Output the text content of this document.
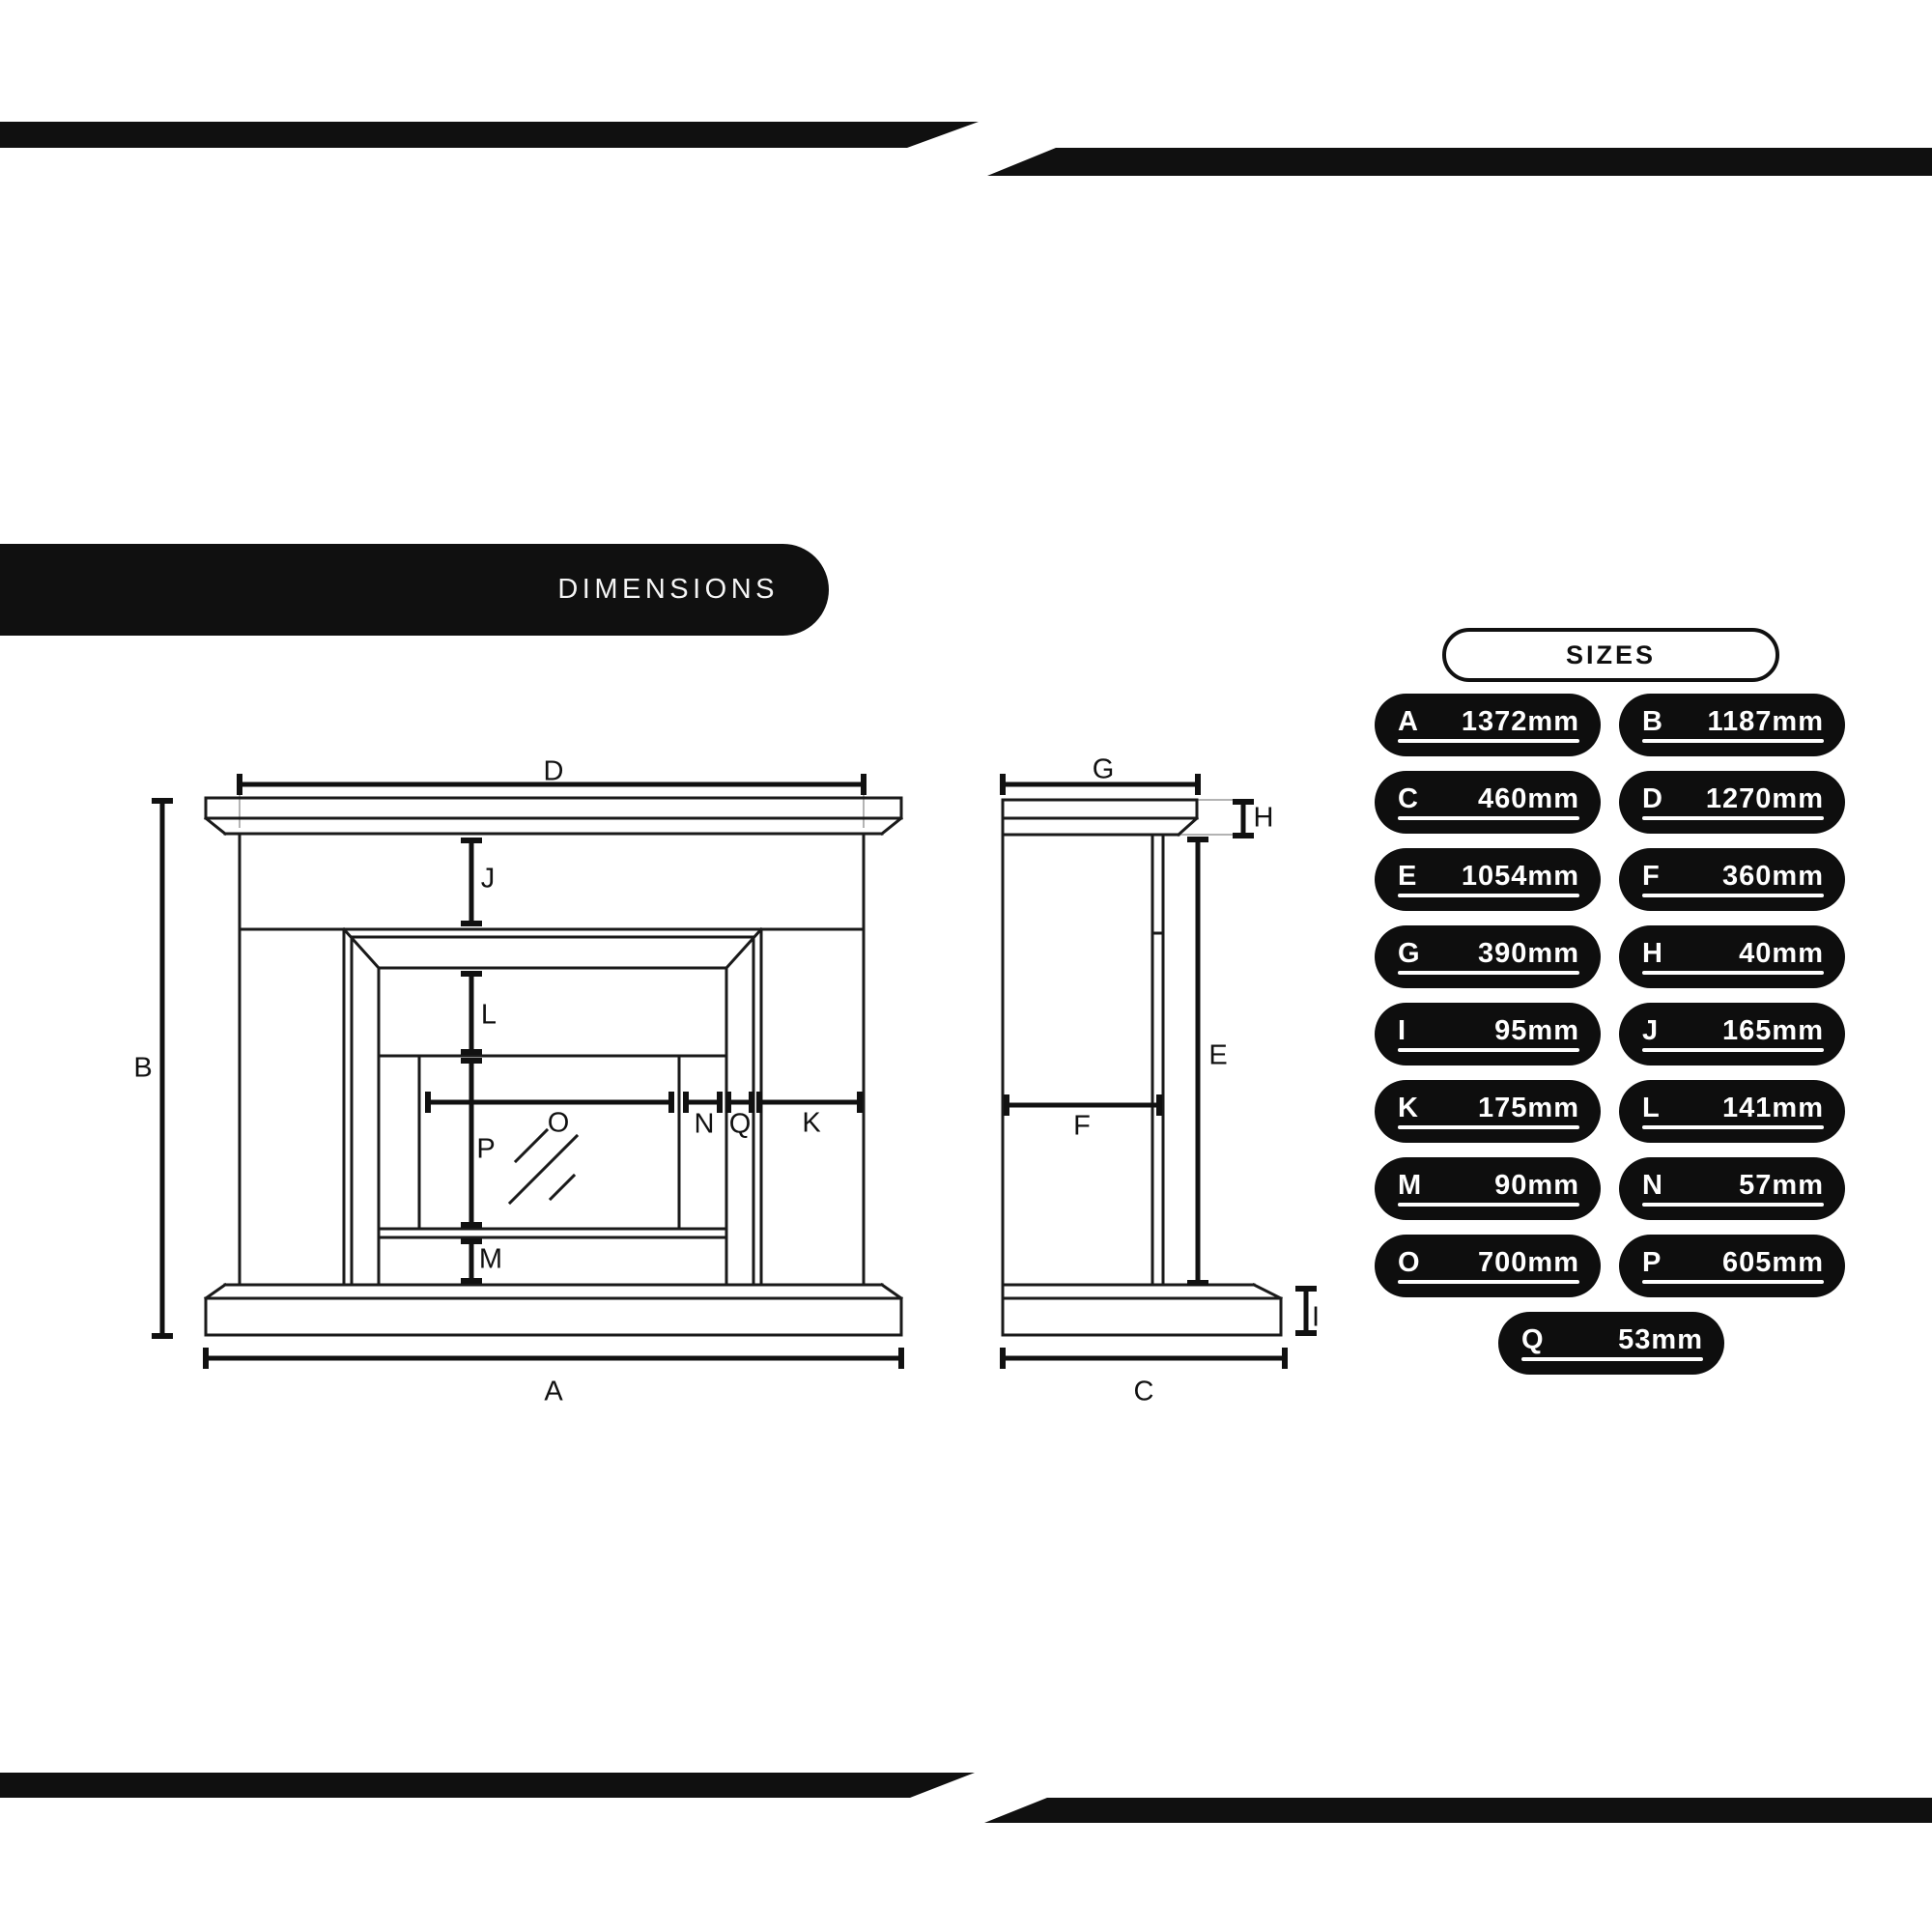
DIMENSIONS
D
B
A
J
L
P
M
O	N Q K
G
H
E
F
I
C
SIZES
A 1372mm B 1187mm
C 460mm D 1270mm
E 1054mm F 360mm
G 390mm H	40mm
I	95mm J 165mm
K 175mm L 141mm
M	90mm N	57mm
O 700mm P 605mm
Q	53mm
